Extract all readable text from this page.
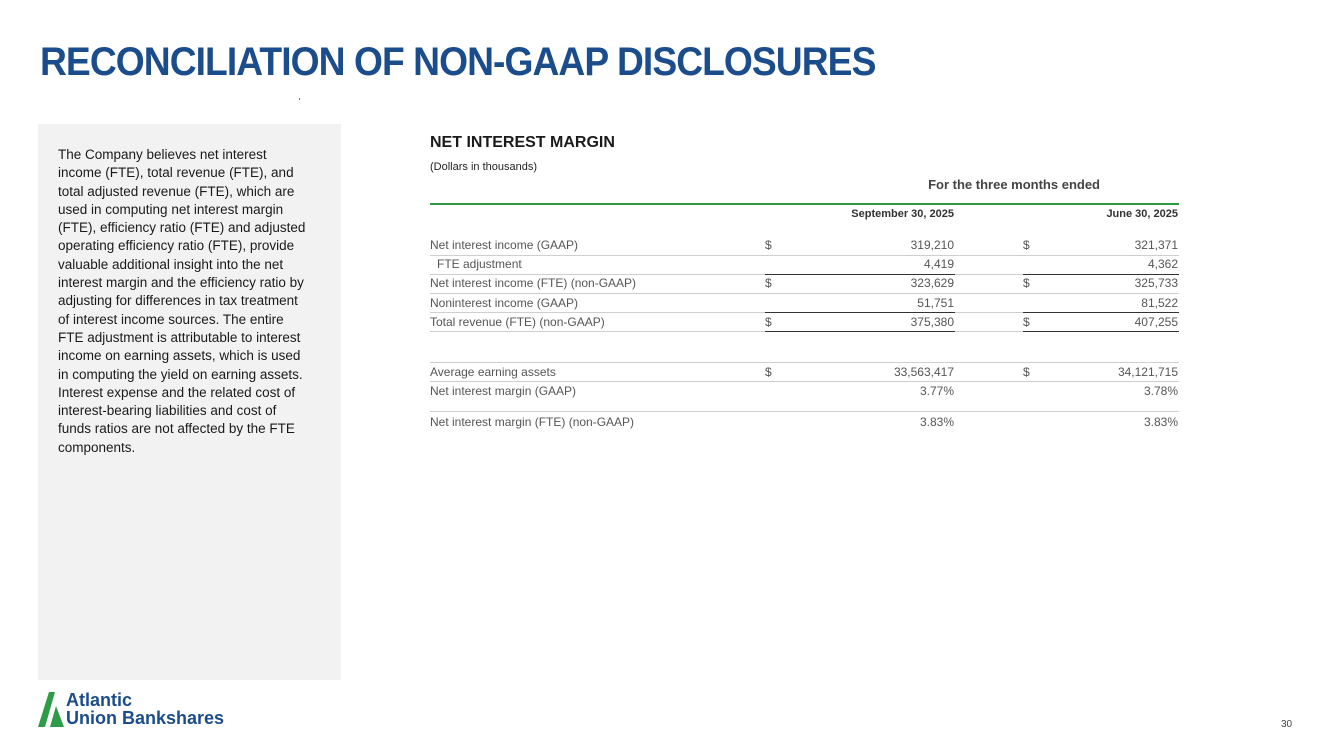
RECONCILIATION OF NON-GAAP DISCLOSURES
The Company believes net interest income (FTE), total revenue (FTE), and total adjusted revenue (FTE), which are used in computing net interest margin (FTE), efficiency ratio (FTE) and adjusted operating efficiency ratio (FTE), provide valuable additional insight into the net interest margin and the efficiency ratio by adjusting for differences in tax treatment of interest income sources. The entire FTE adjustment is attributable to interest income on earning assets, which is used in computing the yield on earning assets. Interest expense and the related cost of interest-bearing liabilities and cost of funds ratios are not affected by the FTE components.
NET INTEREST MARGIN
(Dollars in thousands)
For the three months ended
September 30, 2025	June 30, 2025
Net interest income (GAAP)	$	319,210	$	321,371
FTE adjustment	4,419	4,362
Net interest income (FTE) (non-GAAP)	$	323,629	$	325,733
Noninterest income (GAAP)	51,751	81,522
Total revenue (FTE) (non-GAAP)	$	375,380	$	407,255
Average earning assets	$	33,563,417	$	34,121,715
Net interest margin (GAAP)	3.77%	3.78%
Net interest margin (FTE) (non-GAAP)	3.83%	3.83%
Atlantic
Union Bankshares	30
